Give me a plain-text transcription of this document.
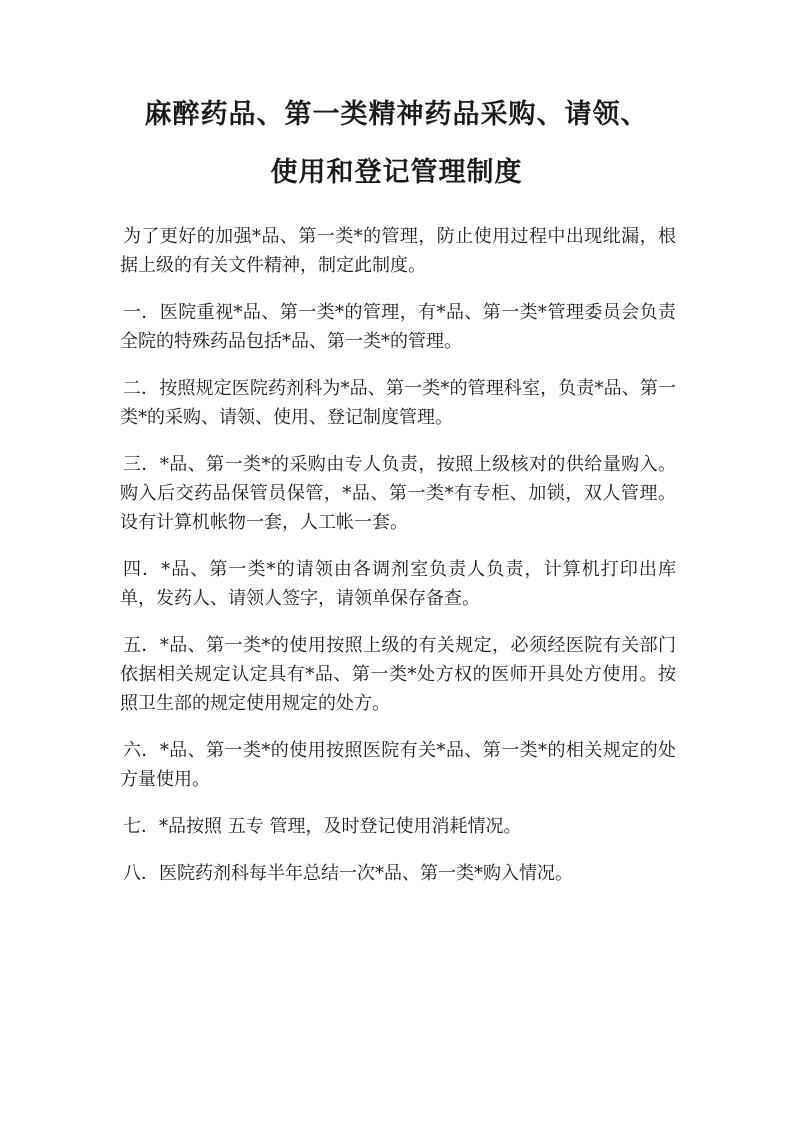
麻醉药品、第一类精神药品采购、请领、
使用和登记管理制度

为了更好的加强*品、第一类*的管理，防止使用过程中出现纰漏，根据上级的有关文件精神，制定此制度。

一．医院重视*品、第一类*的管理，有*品、第一类*管理委员会负责全院的特殊药品包括*品、第一类*的管理。

二．按照规定医院药剂科为*品、第一类*的管理科室，负责*品、第一类*的采购、请领、使用、登记制度管理。

三．*品、第一类*的采购由专人负责，按照上级核对的供给量购入。购入后交药品保管员保管，*品、第一类*有专柜、加锁，双人管理。设有计算机帐物一套，人工帐一套。

四．*品、第一类*的请领由各调剂室负责人负责，计算机打印出库单，发药人、请领人签字，请领单保存备查。

五．*品、第一类*的使用按照上级的有关规定，必须经医院有关部门依据相关规定认定具有*品、第一类*处方权的医师开具处方使用。按照卫生部的规定使用规定的处方。

六．*品、第一类*的使用按照医院有关*品、第一类*的相关规定的处方量使用。

七．*品按照 五专 管理，及时登记使用消耗情况。

八．医院药剂科每半年总结一次*品、第一类*购入情况。
